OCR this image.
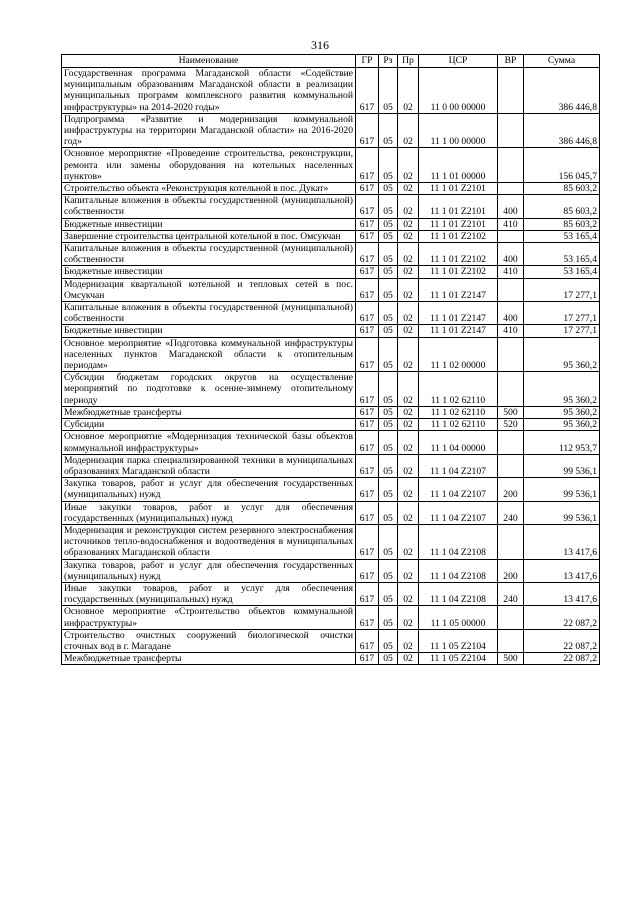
316
Наименование	ГР	Рз	Пр	ЦСР	ВР	Сумма
Государственная программа Магаданской области «Содействие муниципальным образованиям Магаданской области в реализации муниципальных программ комплексного развития коммунальной инфраструктуры» на 2014-2020 годы»	617	05	02	11 0 00 00000		386 446,8
Подпрограмма «Развитие и модернизация коммунальной инфраструктуры на территории Магаданской области» на 2016-2020 год»	617	05	02	11 1 00 00000		386 446,8
Основное мероприятие «Проведение строительства, реконструкции, ремонта или замены оборудования на котельных населенных пунктов»	617	05	02	11 1 01 00000		156 045,7
Строительство объекта «Реконструкция котельной в пос. Дукат»	617	05	02	11 1 01 Z2101		85 603,2
Капитальные вложения в объекты государственной (муниципальной) собственности	617	05	02	11 1 01 Z2101	400	85 603,2
Бюджетные инвестиции	617	05	02	11 1 01 Z2101	410	85 603,2
Завершение строительства центральной котельной в пос. Омсукчан	617	05	02	11 1 01 Z2102		53 165,4
Капитальные вложения в объекты государственной (муниципальной) собственности	617	05	02	11 1 01 Z2102	400	53 165,4
Бюджетные инвестиции	617	05	02	11 1 01 Z2102	410	53 165,4
Модернизация квартальной котельной и тепловых сетей в пос. Омсукчан	617	05	02	11 1 01 Z2147		17 277,1
Капитальные вложения в объекты государственной (муниципальной) собственности	617	05	02	11 1 01 Z2147	400	17 277,1
Бюджетные инвестиции	617	05	02	11 1 01 Z2147	410	17 277,1
Основное мероприятие «Подготовка коммунальной инфраструктуры населенных пунктов Магаданской области к отопительным периодам»	617	05	02	11 1 02 00000		95 360,2
Субсидии бюджетам городских округов на осуществление мероприятий по подготовке к осенне-зимнему отопительному периоду	617	05	02	11 1 02 62110		95 360,2
Межбюджетные трансферты	617	05	02	11 1 02 62110	500	95 360,2
Субсидии	617	05	02	11 1 02 62110	520	95 360,2
Основное мероприятие «Модернизация технической базы объектов коммунальной инфраструктуры»	617	05	02	11 1 04 00000		112 953,7
Модернизация парка специализированной техники в муниципальных образованиях Магаданской области	617	05	02	11 1 04 Z2107		99 536,1
Закупка товаров, работ и услуг для обеспечения государственных (муниципальных) нужд	617	05	02	11 1 04 Z2107	200	99 536,1
Иные закупки товаров, работ и услуг для обеспечения государственных (муниципальных) нужд	617	05	02	11 1 04 Z2107	240	99 536,1
Модернизация и реконструкция систем резервного электроснабжения источников тепло-водоснабжения и водоотведения в муниципальных образованиях Магаданской области	617	05	02	11 1 04 Z2108		13 417,6
Закупка товаров, работ и услуг для обеспечения государственных (муниципальных) нужд	617	05	02	11 1 04 Z2108	200	13 417,6
Иные закупки товаров, работ и услуг для обеспечения государственных (муниципальных) нужд	617	05	02	11 1 04 Z2108	240	13 417,6
Основное мероприятие «Строительство объектов коммунальной инфраструктуры»	617	05	02	11 1 05 00000		22 087,2
Строительство очистных сооружений биологической очистки сточных вод в г. Магадане	617	05	02	11 1 05 Z2104		22 087,2
Межбюджетные трансферты	617	05	02	11 1 05 Z2104	500	22 087,2
